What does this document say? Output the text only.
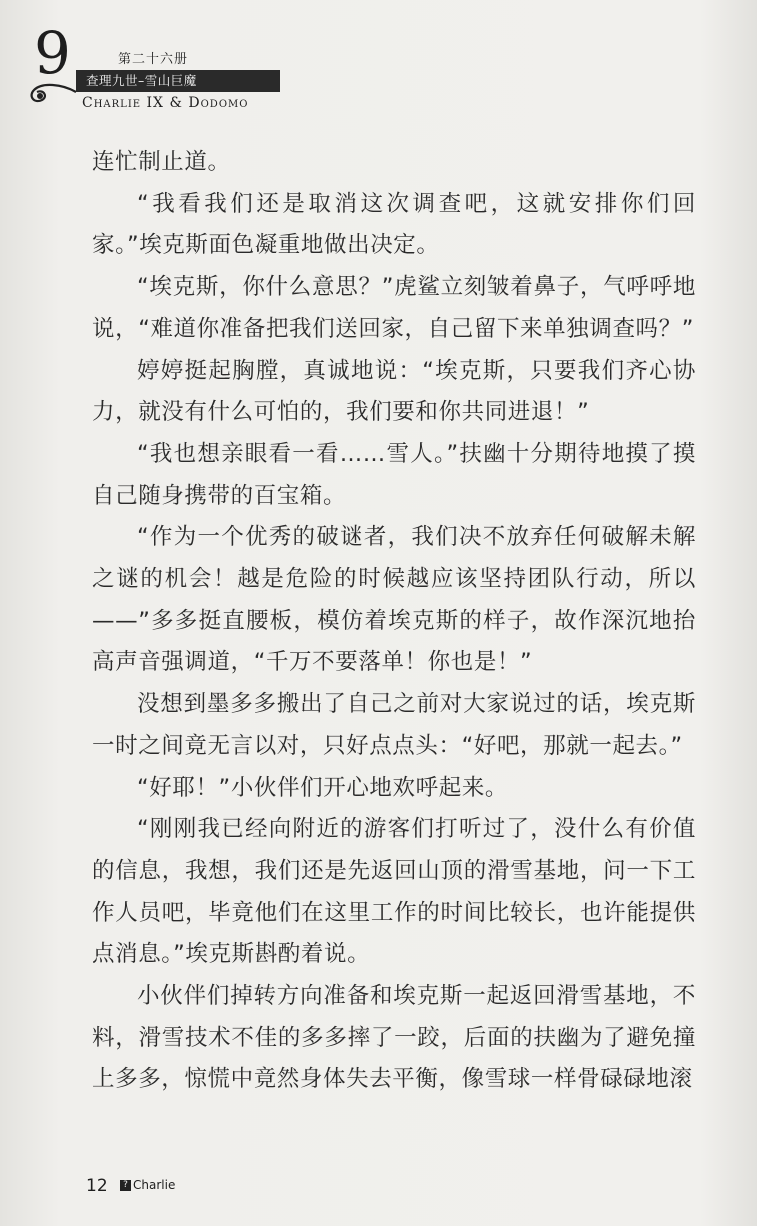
9	第二十六册
查理九世–雪山巨魔
Charlie IX & Dodomo

连忙制止道。

“我看我们还是取消这次调查吧，这就安排你们回家。”埃克斯面色凝重地做出决定。

“埃克斯，你什么意思？”虎鲨立刻皱着鼻子，气呼呼地说，“难道你准备把我们送回家，自己留下来单独调查吗？”

婷婷挺起胸膛，真诚地说：“埃克斯，只要我们齐心协力，就没有什么可怕的，我们要和你共同进退！”

“我也想亲眼看一看……雪人。”扶幽十分期待地摸了摸自己随身携带的百宝箱。

“作为一个优秀的破谜者，我们决不放弃任何破解未解之谜的机会！越是危险的时候越应该坚持团队行动，所以——”多多挺直腰板，模仿着埃克斯的样子，故作深沉地抬高声音强调道，“千万不要落单！你也是！”

没想到墨多多搬出了自己之前对大家说过的话，埃克斯一时之间竟无言以对，只好点点头：“好吧，那就一起去。”

“好耶！”小伙伴们开心地欢呼起来。

“刚刚我已经向附近的游客们打听过了，没什么有价值的信息，我想，我们还是先返回山顶的滑雪基地，问一下工作人员吧，毕竟他们在这里工作的时间比较长，也许能提供点消息。”埃克斯斟酌着说。

小伙伴们掉转方向准备和埃克斯一起返回滑雪基地，不料，滑雪技术不佳的多多摔了一跤，后面的扶幽为了避免撞上多多，惊慌中竟然身体失去平衡，像雪球一样骨碌碌地滚

12	? Charlie
